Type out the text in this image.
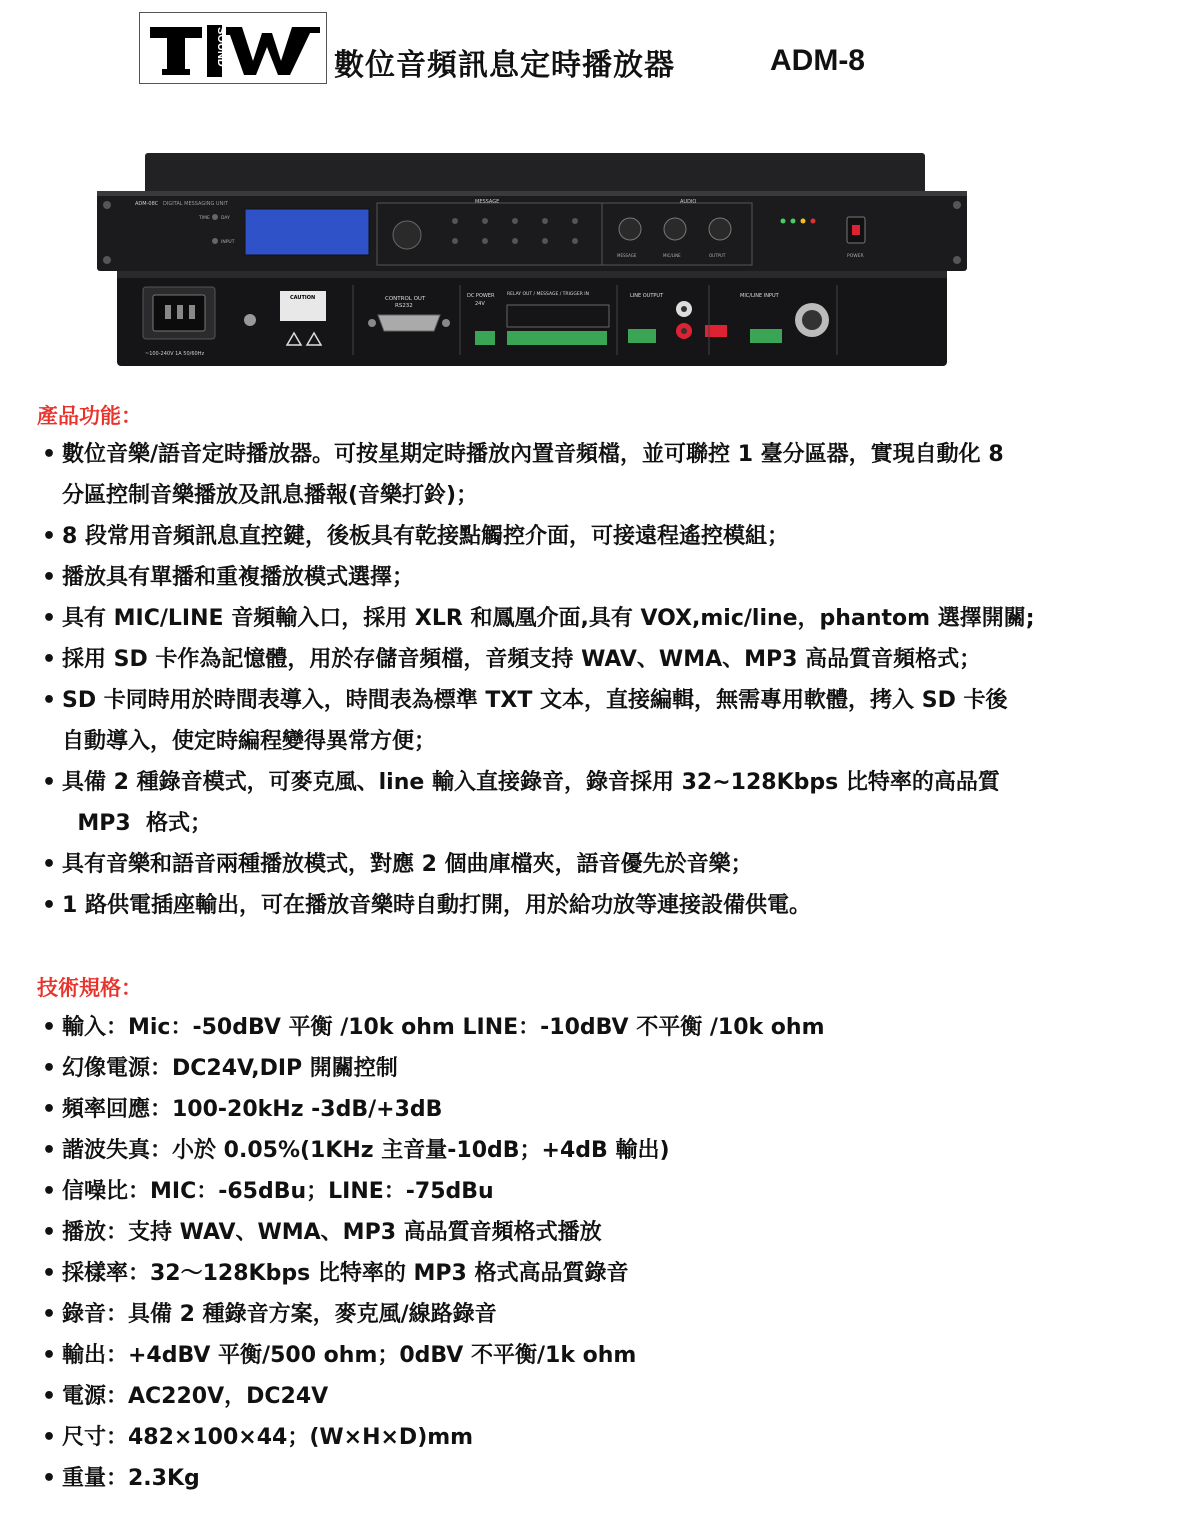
SOUND	數位音頻訊息定時播放器	ADM-8
~100-240V 1A 50/60Hz
CAUTION	CONTROL OUT
RS232
DC POWER
24V
RELAY OUT / MESSAGE / TRIGGER IN	LINE OUTPUT	MIC/LINE INPUT
ADM-08C DIGITAL MESSAGING UNIT
TIME DAY
INPUT
MESSAGE	AUDIO
MESSAGE	MIC/LINE	OUTPUT	POWER
產品功能：
• 數位音樂/語音定時播放器。可按星期定時播放內置音頻檔，並可聯控 1 臺分區器，實現自動化 8
分區控制音樂播放及訊息播報(音樂打鈴)；
• 8 段常用音頻訊息直控鍵，後板具有乾接點觸控介面，可接遠程遙控模組；
• 播放具有單播和重複播放模式選擇；
• 具有 MIC/LINE 音頻輸入口，採用 XLR 和鳳凰介面,具有 VOX,mic/line，phantom 選擇開關;
• 採用 SD 卡作為記憶體，用於存儲音頻檔，音頻支持 WAV、WMA、MP3 高品質音頻格式；
• SD 卡同時用於時間表導入，時間表為標準 TXT 文本，直接編輯，無需專用軟體，拷入 SD 卡後
自動導入，使定時編程變得異常方便；
• 具備 2 種錄音模式，可麥克風、line 輸入直接錄音，錄音採用 32~128Kbps 比特率的高品質
MP3  格式；
• 具有音樂和語音兩種播放模式，對應 2 個曲庫檔夾，語音優先於音樂；
• 1 路供電插座輸出，可在播放音樂時自動打開，用於給功放等連接設備供電。
技術規格：
• 輸入：Mic：-50dBV 平衡 /10k ohm LINE：-10dBV 不平衡 /10k ohm
• 幻像電源：DC24V,DIP 開關控制
• 頻率回應：100-20kHz -3dB/+3dB
• 諧波失真：小於 0.05%(1KHz 主音量-10dB；+4dB 輸出)
• 信噪比：MIC：-65dBu；LINE：-75dBu
• 播放：支持 WAV、WMA、MP3 高品質音頻格式播放
• 採樣率：32～128Kbps 比特率的 MP3 格式高品質錄音
• 錄音：具備 2 種錄音方案，麥克風/線路錄音
• 輸出：+4dBV 平衡/500 ohm；0dBV 不平衡/1k ohm
• 電源：AC220V，DC24V
• 尺寸：482×100×44；(W×H×D)mm
• 重量：2.3Kg
